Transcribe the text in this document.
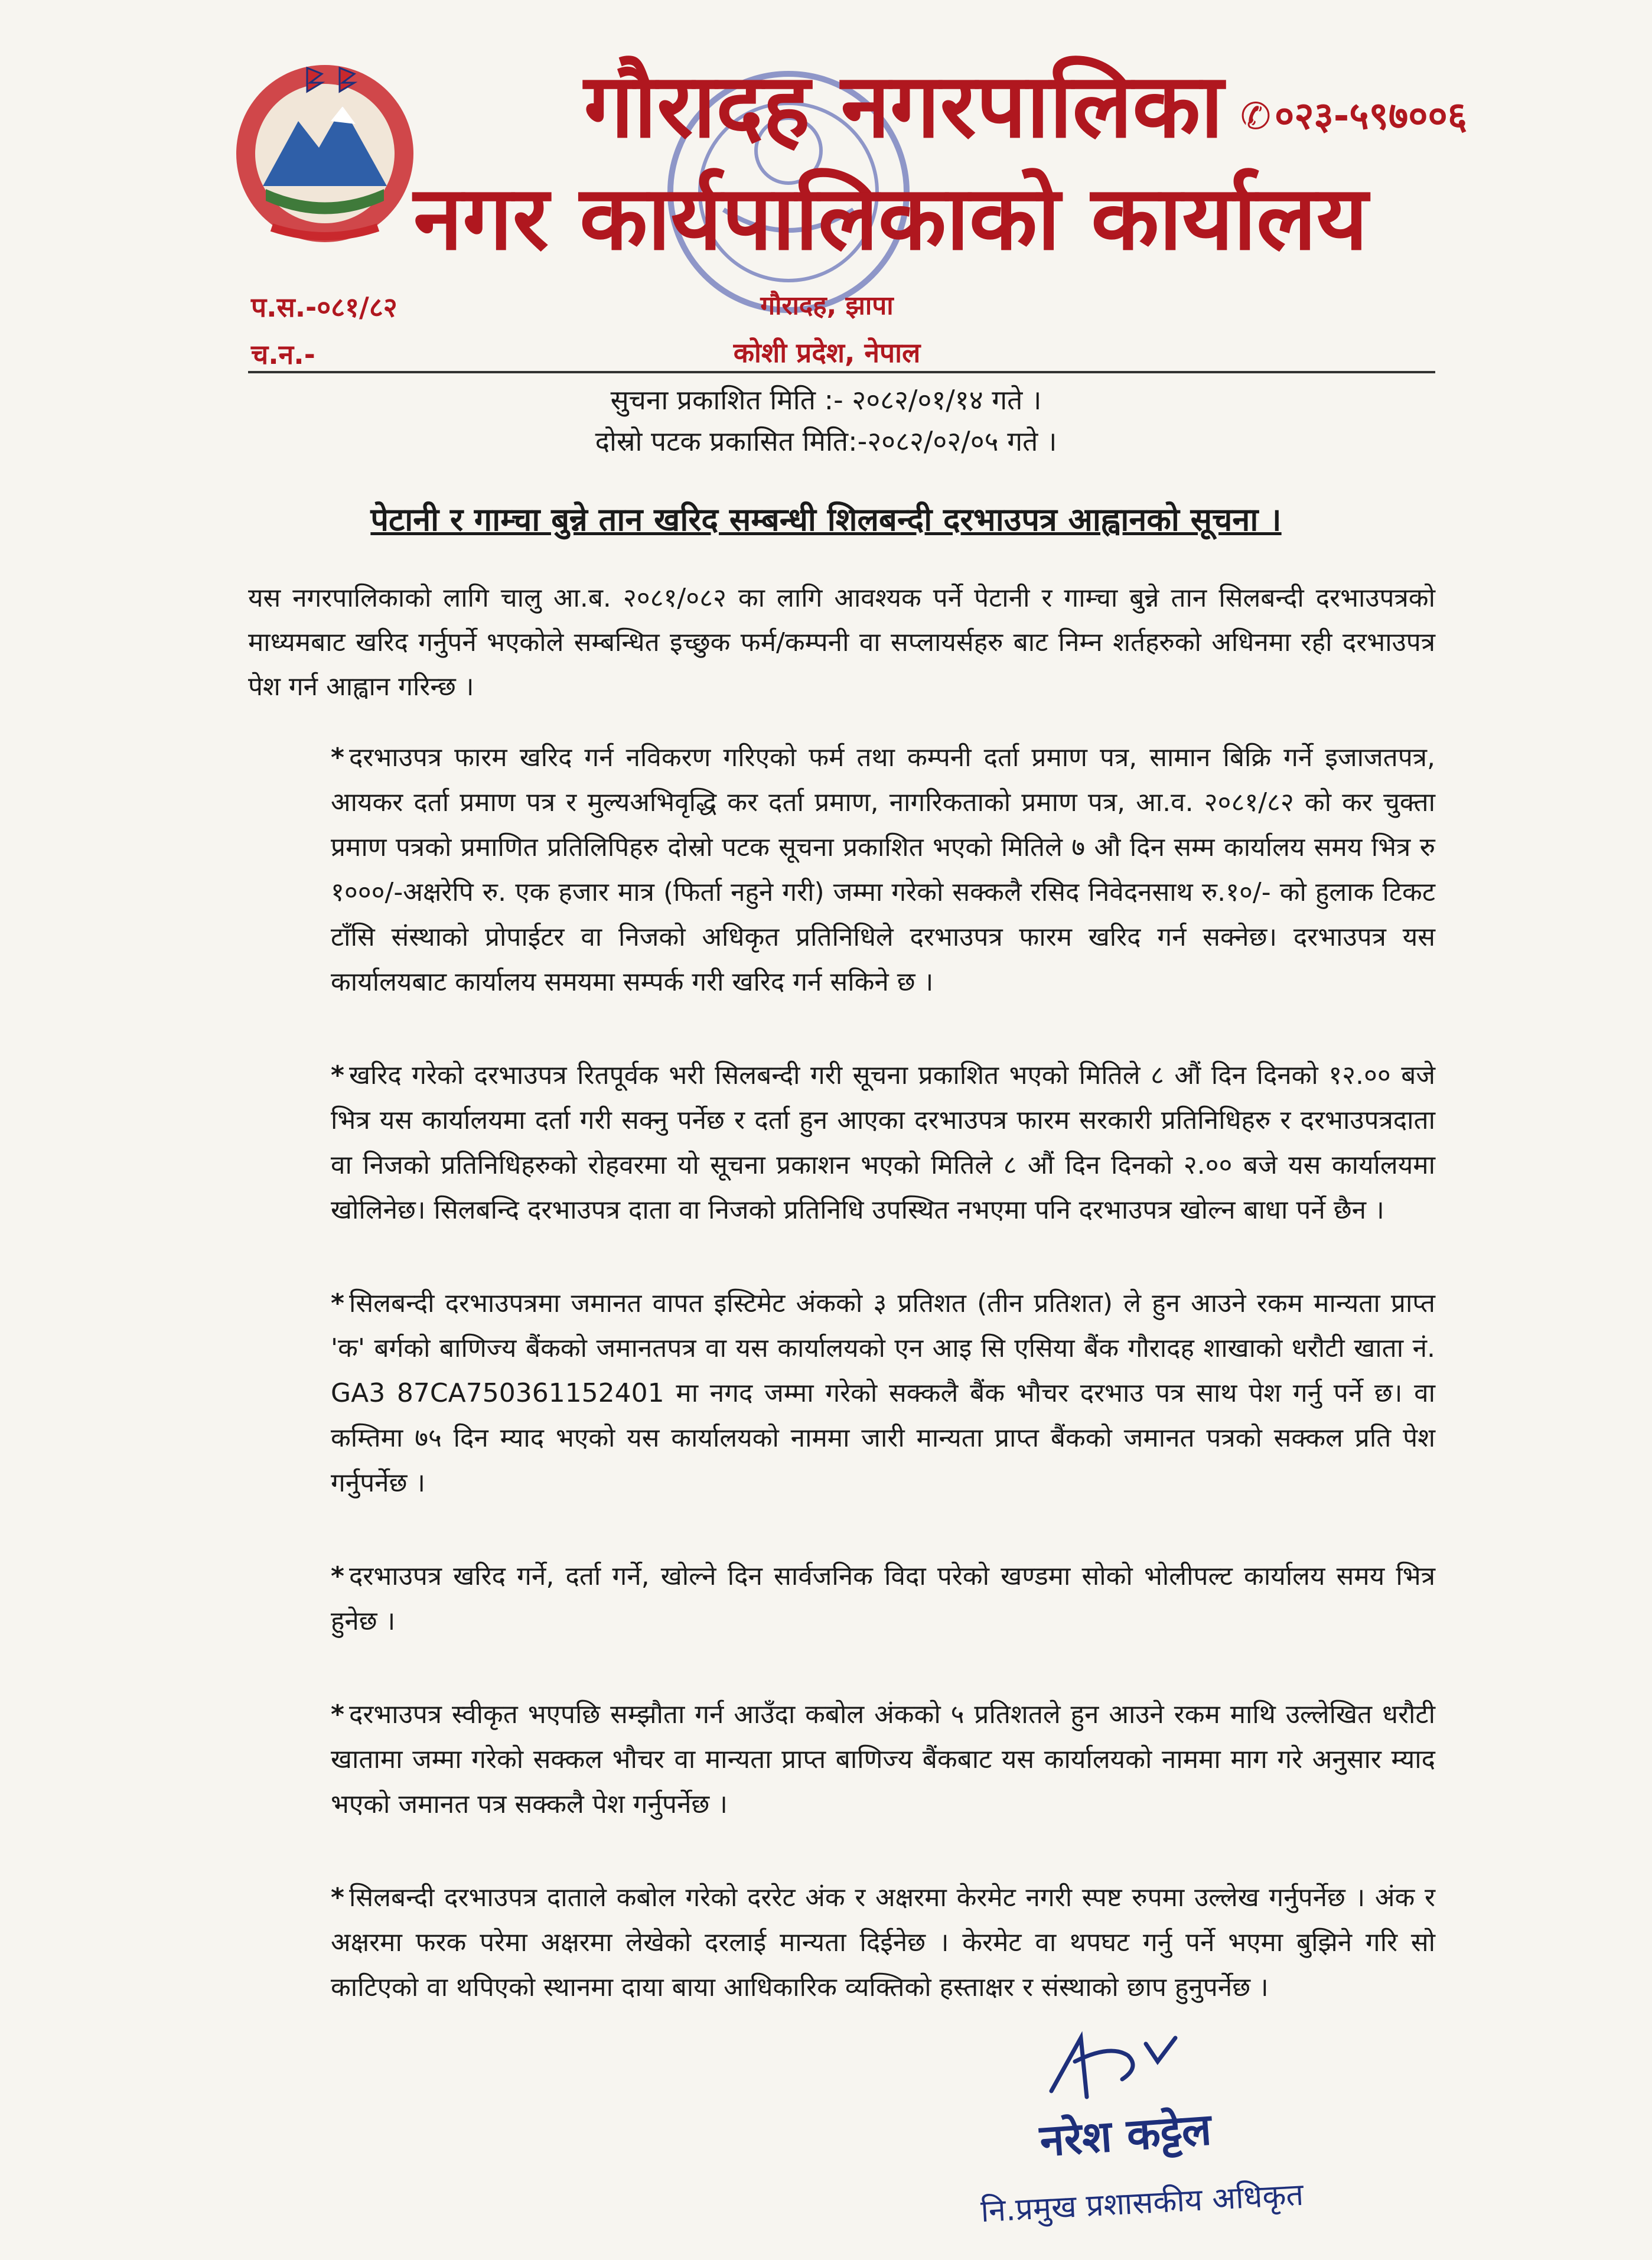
गौरादह नगरपालिका
नगर कार्यपालिकाको कार्यालय
✆०२३-५९७००६
प.स.-०८१/८२
च.न.-
गौरादह, झापा
कोशी प्रदेश, नेपाल
सुचना प्रकाशित मिति :- २०८२/०१/१४ गते ।
दोस्रो पटक प्रकासित मिति:-२०८२/०२/०५ गते ।
पेटानी र गाम्चा बुन्ने तान खरिद सम्बन्धी शिलबन्दी दरभाउपत्र आह्वानको सूचना ।
यस नगरपालिकाको लागि चालु आ.ब. २०८१/०८२ का लागि आवश्यक पर्ने पेटानी र गाम्चा बुन्ने तान सिलबन्दी दरभाउपत्रको माध्यमबाट खरिद गर्नुपर्ने भएकोले सम्बन्धित इच्छुक फर्म/कम्पनी वा सप्लायर्सहरु बाट निम्न शर्तहरुको अधिनमा रही दरभाउपत्र पेश गर्न आह्वान गरिन्छ ।
* दरभाउपत्र फारम खरिद गर्न नविकरण गरिएको फर्म तथा कम्पनी दर्ता प्रमाण पत्र, सामान बिक्रि गर्ने इजाजतपत्र, आयकर दर्ता प्रमाण पत्र र मुल्यअभिवृद्धि कर दर्ता प्रमाण, नागरिकताको प्रमाण पत्र, आ.व. २०८१/८२ को कर चुक्ता प्रमाण पत्रको प्रमाणित प्रतिलिपिहरु दोस्रो पटक सूचना प्रकाशित भएको मितिले ७ औ दिन सम्म कार्यालय समय भित्र रु १०००/-अक्षरेपि रु. एक हजार मात्र (फिर्ता नहुने गरी) जम्मा गरेको सक्कलै रसिद निवेदनसाथ रु.१०/- को हुलाक टिकट टाँसि संस्थाको प्रोपाईटर वा निजको अधिकृत प्रतिनिधिले दरभाउपत्र फारम खरिद गर्न सक्नेछ। दरभाउपत्र यस कार्यालयबाट कार्यालय समयमा सम्पर्क गरी खरिद गर्न सकिने छ ।
* खरिद गरेको दरभाउपत्र रितपूर्वक भरी सिलबन्दी गरी सूचना प्रकाशित भएको मितिले ८ औं दिन दिनको १२.०० बजे भित्र यस कार्यालयमा दर्ता गरी सक्नु पर्नेछ र दर्ता हुन आएका दरभाउपत्र फारम सरकारी प्रतिनिधिहरु र दरभाउपत्रदाता वा निजको प्रतिनिधिहरुको रोहवरमा यो सूचना प्रकाशन भएको मितिले ८ औं दिन दिनको २.०० बजे यस कार्यालयमा खोलिनेछ। सिलबन्दि दरभाउपत्र दाता वा निजको प्रतिनिधि उपस्थित नभएमा पनि दरभाउपत्र खोल्न बाधा पर्ने छैन ।
* सिलबन्दी दरभाउपत्रमा जमानत वापत इस्टिमेट अंकको ३ प्रतिशत (तीन प्रतिशत) ले हुन आउने रकम मान्यता प्राप्त 'क' बर्गको बाणिज्य बैंकको जमानतपत्र वा यस कार्यालयको एन आइ सि एसिया बैंक गौरादह शाखाको धरौटी खाता नं. GA3 87CA750361152401 मा नगद जम्मा गरेको सक्कलै बैंक भौचर दरभाउ पत्र साथ पेश गर्नु पर्ने छ। वा कम्तिमा ७५ दिन म्याद भएको यस कार्यालयको नाममा जारी मान्यता प्राप्त बैंकको जमानत पत्रको सक्कल प्रति पेश गर्नुपर्नेछ ।
* दरभाउपत्र खरिद गर्ने, दर्ता गर्ने, खोल्ने दिन सार्वजनिक विदा परेको खण्डमा सोको भोलीपल्ट कार्यालय समय भित्र हुनेछ ।
* दरभाउपत्र स्वीकृत भएपछि सम्झौता गर्न आउँदा कबोल अंकको ५ प्रतिशतले हुन आउने रकम माथि उल्लेखित धरौटी खातामा जम्मा गरेको सक्कल भौचर वा मान्यता प्राप्त बाणिज्य बैंकबाट यस कार्यालयको नाममा माग गरे अनुसार म्याद भएको जमानत पत्र सक्कलै पेश गर्नुपर्नेछ ।
* सिलबन्दी दरभाउपत्र दाताले कबोल गरेको दररेट अंक र अक्षरमा केरमेट नगरी स्पष्ट रुपमा उल्लेख गर्नुपर्नेछ । अंक र अक्षरमा फरक परेमा अक्षरमा लेखेको दरलाई मान्यता दिईनेछ । केरमेट वा थपघट गर्नु पर्ने भएमा बुझिने गरि सो काटिएको वा थपिएको स्थानमा दाया बाया आधिकारिक व्यक्तिको हस्ताक्षर र संस्थाको छाप हुनुपर्नेछ ।
नरेश कट्टेल
नि.प्रमुख प्रशासकीय अधिकृत
